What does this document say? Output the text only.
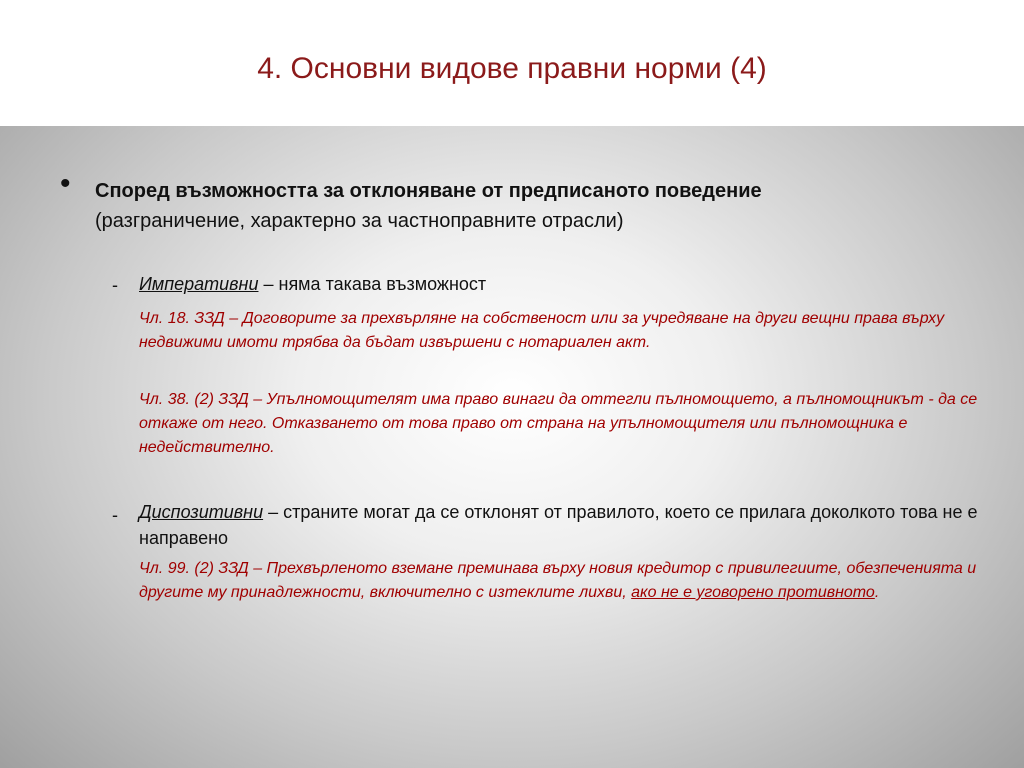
4. Основни видове правни норми (4)
• Според възможността за отклоняване от предписаното поведение
(разграничение, характерно за частноправните отрасли)
- Императивни – няма такава възможност
Чл. 18. ЗЗД – Договорите за прехвърляне на собственост или за учредяване на други вещни права върху недвижими имоти трябва да бъдат извършени с нотариален акт.
Чл. 38. (2) ЗЗД – Упълномощителят има право винаги да оттегли пълномощието, а пълномощникът - да се откаже от него. Отказването от това право от страна на упълномощителя или пълномощника е недействително.
- Диспозитивни – страните могат да се отклонят от правилото, което се прилага доколкото това не е направено
Чл. 99. (2) ЗЗД – Прехвърленото вземане преминава върху новия кредитор с привилегиите, обезпеченията и другите му принадлежности, включително с изтеклите лихви, ако не е уговорено противното.
